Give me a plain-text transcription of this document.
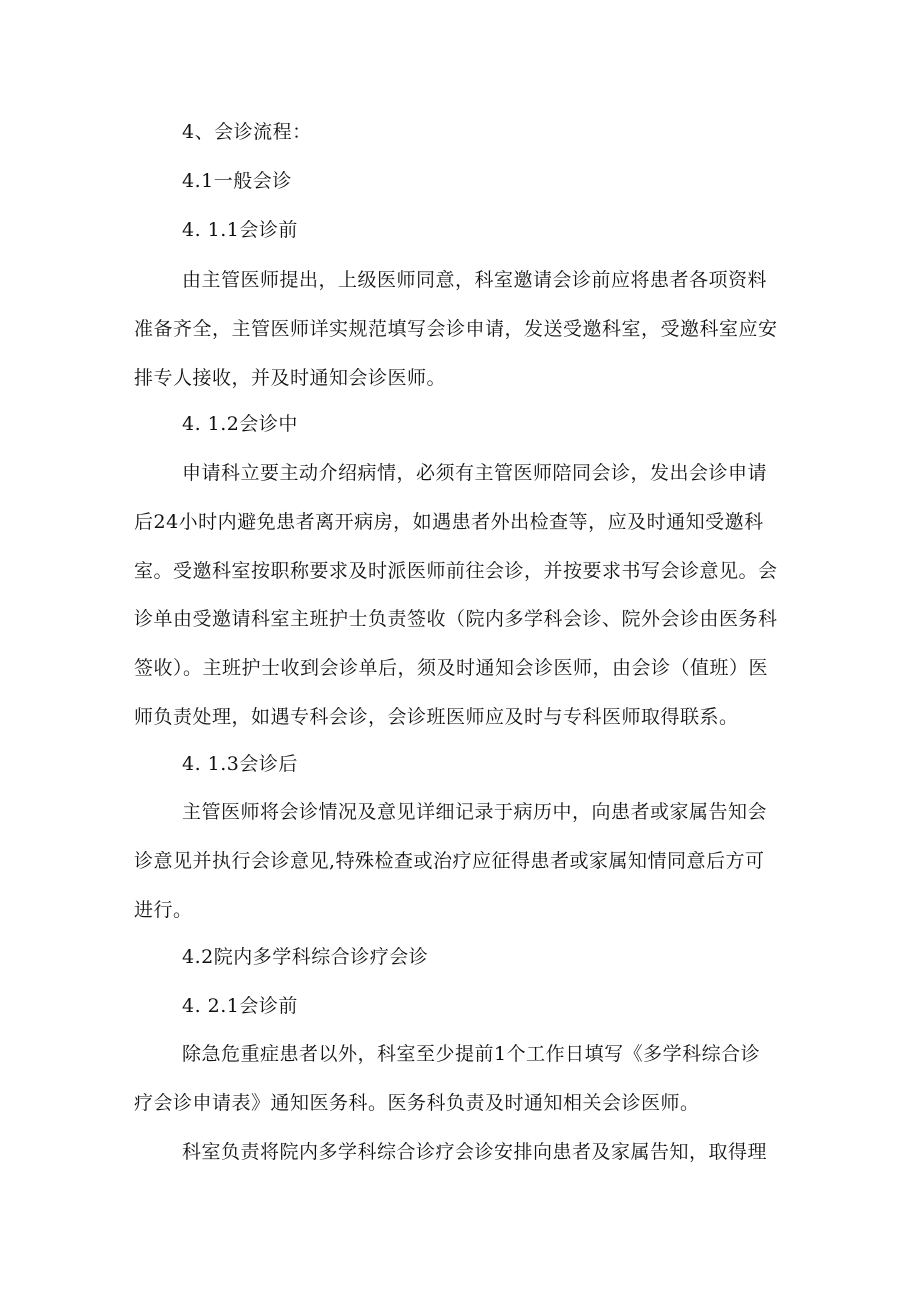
4、会诊流程：
4.1一般会诊
4. 1.1会诊前
由主管医师提出，上级医师同意，科室邀请会诊前应将患者各项资料
准备齐全，主管医师详实规范填写会诊申请，发送受邀科室，受邀科室应安
排专人接收，并及时通知会诊医师。
4. 1.2会诊中
申请科立要主动介绍病情，必须有主管医师陪同会诊，发出会诊申请
后24小时内避免患者离开病房，如遇患者外出检查等，应及时通知受邀科
室。受邀科室按职称要求及时派医师前往会诊，并按要求书写会诊意见。会
诊单由受邀请科室主班护士负责签收（院内多学科会诊、院外会诊由医务科
签收）。主班护士收到会诊单后，须及时通知会诊医师，由会诊（值班）医
师负责处理，如遇专科会诊，会诊班医师应及时与专科医师取得联系。
4. 1.3会诊后
主管医师将会诊情况及意见详细记录于病历中，向患者或家属告知会
诊意见并执行会诊意见,特殊检查或治疗应征得患者或家属知情同意后方可
进行。
4.2院内多学科综合诊疗会诊
4. 2.1会诊前
除急危重症患者以外，科室至少提前1个工作日填写《多学科综合诊
疗会诊申请表》通知医务科。医务科负责及时通知相关会诊医师。
科室负责将院内多学科综合诊疗会诊安排向患者及家属告知，取得理
